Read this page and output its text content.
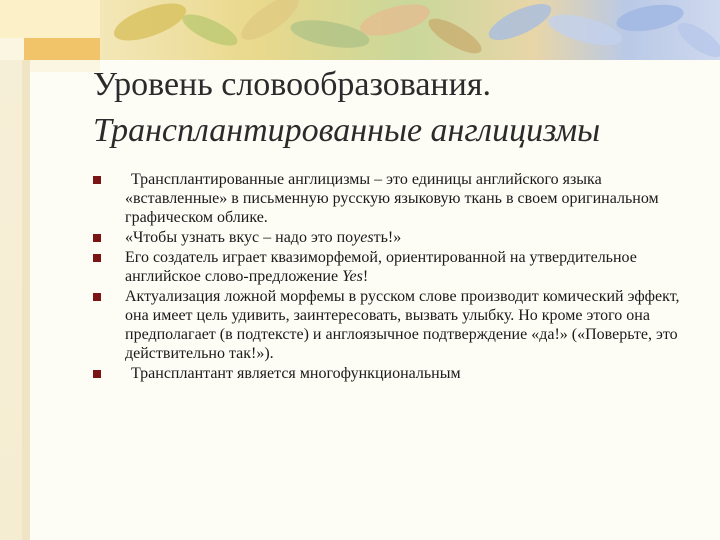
Уровень словообразования.

Трансплантированные англицизмы
Трансплантированные англицизмы – это единицы английского языка «вставленные» в письменную русскую языковую ткань в своем оригинальном графическом облике.
«Чтобы узнать вкус – надо это поyesть!»
Его создатель играет квазиморфемой, ориентированной на утвердительное английское слово-предложение Yes!
Актуализация ложной морфемы в русском слове производит комический эффект, она имеет цель удивить, заинтересовать, вызвать улыбку. Но кроме этого она предполагает (в подтексте) и англоязычное подтверждение «да!» («Поверьте, это действительно так!»).
Трансплантант является многофункциональным
